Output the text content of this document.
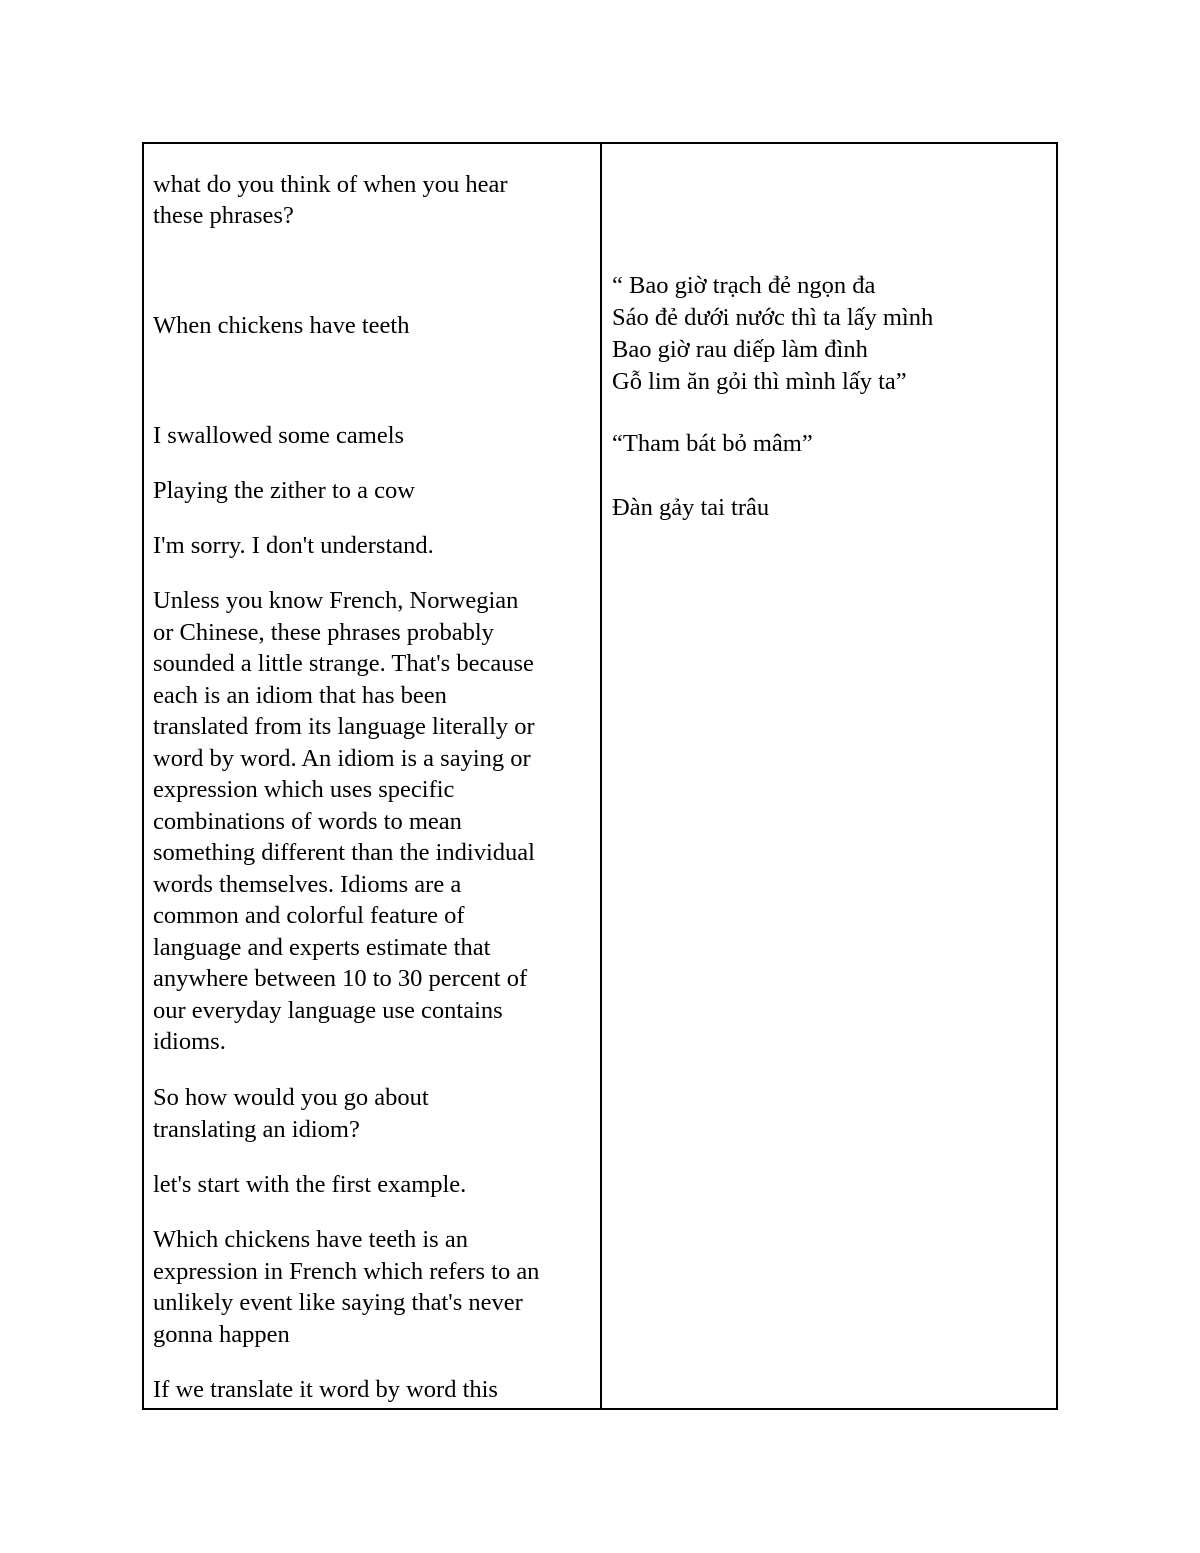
what do you think of when you hear

these phrases?

When chickens have teeth

I swallowed some camels

Playing the zither to a cow

I'm sorry. I don't understand.

Unless you know French, Norwegian

or Chinese, these phrases probably

sounded a little strange. That's because

each is an idiom that has been

translated from its language literally or

word by word. An idiom is a saying or

expression which uses specific

combinations of words to mean

something different than the individual

words themselves. Idioms are a

common and colorful feature of

language and experts estimate that

anywhere between 10 to 30 percent of

our everyday language use contains

idioms.

So how would you go about

translating an idiom?

let's start with the first example.

Which chickens have teeth is an

expression in French which refers to an

unlikely event like saying that's never

gonna happen

If we translate it word by word this

“ Bao giờ trạch đẻ ngọn đa

Sáo đẻ dưới nước thì ta lấy mình

Bao giờ rau diếp làm đình

Gỗ lim ăn gỏi thì mình lấy ta”

“Tham bát bỏ mâm”

Đàn gảy tai trâu
